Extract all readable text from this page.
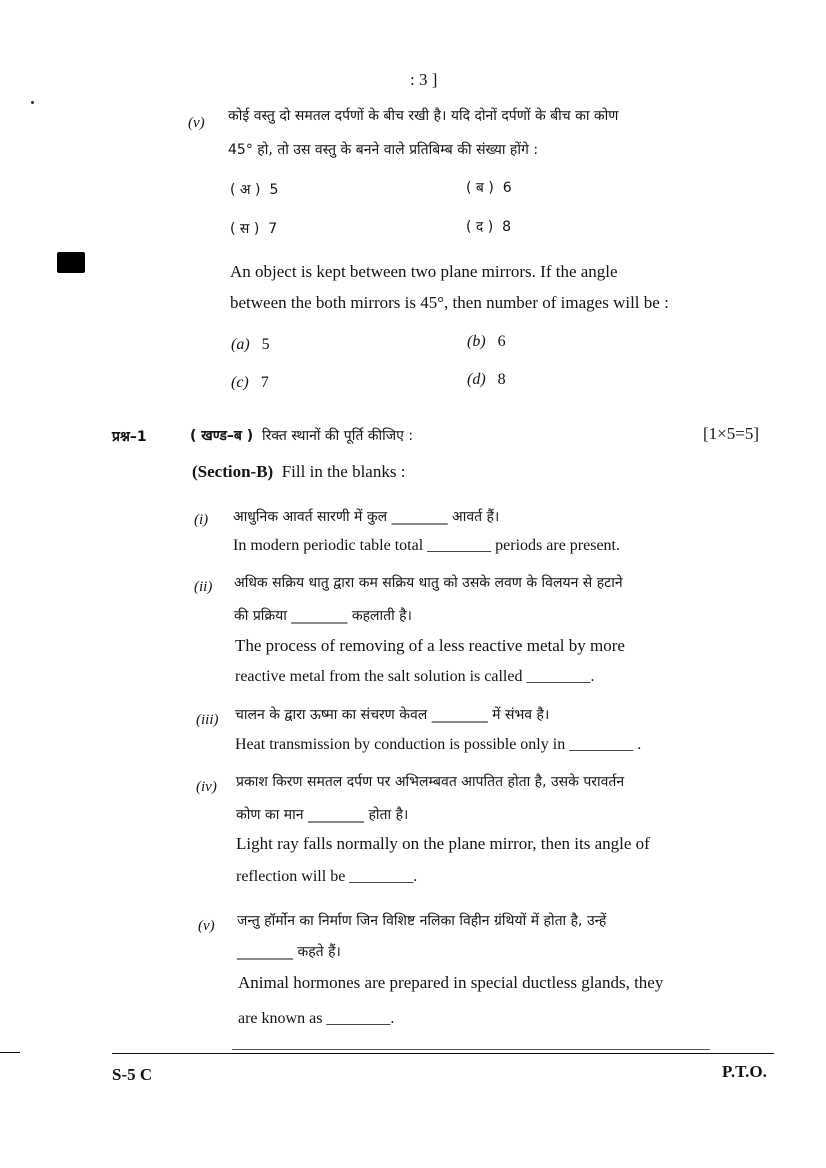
: 3 ]
(v) कोई वस्तु दो समतल दर्पणों के बीच रखी है। यदि दोनों दर्पणों के बीच का कोण
45° हो, तो उस वस्तु के बनने वाले प्रतिबिम्ब की संख्या होंगे :
( अ ) 5	( ब ) 6
( स ) 7	( द ) 8
An object is kept between two plane mirrors. If the angle
between the both mirrors is 45°, then number of images will be :
(a) 5	(b) 6
(c) 7	(d) 8
प्रश्न–1	( खण्ड–ब ) रिक्त स्थानों की पूर्ति कीजिए :	[1×5=5]
(Section-B) Fill in the blanks :
(i) आधुनिक आवर्त सारणी में कुल ________ आवर्त हैं।
In modern periodic table total ________ periods are present.
(ii) अधिक सक्रिय धातु द्वारा कम सक्रिय धातु को उसके लवण के विलयन से हटाने
की प्रक्रिया ________ कहलाती है।
The process of removing of a less reactive metal by more
reactive metal from the salt solution is called ________.
(iii) चालन के द्वारा ऊष्मा का संचरण केवल ________ में संभव है।
Heat transmission by conduction is possible only in ________ .
(iv) प्रकाश किरण समतल दर्पण पर अभिलम्बवत आपतित होता है, उसके परावर्तन
कोण का मान ________ होता है।
Light ray falls normally on the plane mirror, then its angle of
reflection will be ________.
(v) जन्तु हॉर्मोन का निर्माण जिन विशिष्ट नलिका विहीन ग्रंथियों में होता है, उन्हें
________ कहते हैं।
Animal hormones are prepared in special ductless glands, they
are known as ________.
S-5 C	P.T.O.
